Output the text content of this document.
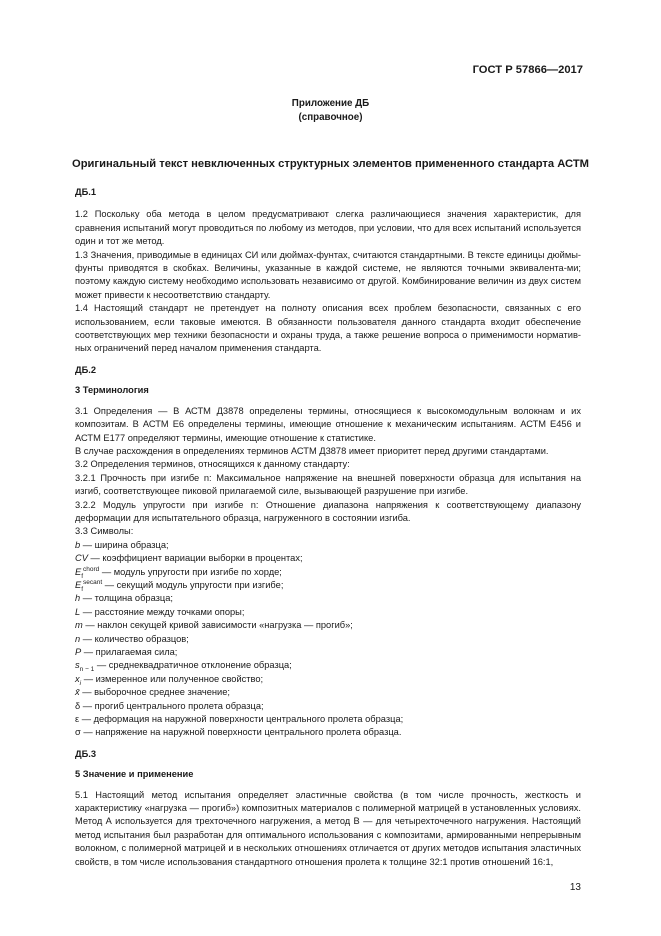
ГОСТ Р 57866—2017
Приложение ДБ
(справочное)
Оригинальный текст невключенных структурных элементов примененного стандарта АСТМ
ДБ.1

1.2 Поскольку оба метода в целом предусматривают слегка различающиеся значения характеристик, для сравнения испытаний могут проводиться по любому из методов, при условии, что для всех испытаний используется один и тот же метод.

1.3 Значения, приводимые в единицах СИ или дюймах-фунтах, считаются стандартными. В тексте единицы дюймы-фунты приводятся в скобках. Величины, указанные в каждой системе, не являются точными эквивалента-ми; поэтому каждую систему необходимо использовать независимо от другой. Комбинирование величин из двух систем может привести к несоответствию стандарту.

1.4 Настоящий стандарт не претендует на полноту описания всех проблем безопасности, связанных с его использованием, если таковые имеются. В обязанности пользователя данного стандарта входит обеспечение соответствующих мер техники безопасности и охраны труда, а также решение вопроса о применимости норматив-ных ограничений перед началом применения стандарта.

ДБ.2
3 Терминология

3.1 Определения — В АСТМ Д3878 определены термины, относящиеся к высокомодульным волокнам и их композитам. В АСТМ Е6 определены термины, имеющие отношение к механическим испытаниям. АСТМ Е456 и АСТМ Е177 определяют термины, имеющие отношение к статистике.

В случае расхождения в определениях терминов АСТМ Д3878 имеет приоритет перед другими стандартами.

3.2 Определения терминов, относящихся к данному стандарту:

3.2.1 Прочность при изгибе n: Максимальное напряжение на внешней поверхности образца для испытания на изгиб, соответствующее пиковой прилагаемой силе, вызывающей разрушение при изгибе.

3.2.2 Модуль упругости при изгибе n: Отношение диапазона напряжения к соответствующему диапазону деформации для испытательного образца, нагруженного в состоянии изгиба.

3.3 Символы:

b — ширина образца;
CV — коэффициент вариации выборки в процентах;
$E_f^{chord}$ — модуль упругости при изгибе по хорде;
$E_f^{secant}$ — секущий модуль упругости при изгибе;
h — толщина образца;
L — расстояние между точками опоры;
m — наклон секущей кривой зависимости «нагрузка — прогиб»;
n — количество образцов;
P — прилагаемая сила;
$s_{n - 1}$ — среднеквадратичное отклонение образца;
$x_i$ — измеренное или полученное свойство;
x̄ — выборочное среднее значение;
δ — прогиб центрального пролета образца;
ε — деформация на наружной поверхности центрального пролета образца;
σ — напряжение на наружной поверхности центрального пролета образца.
ДБ.3
5 Значение и применение

5.1 Настоящий метод испытания определяет эластичные свойства (в том числе прочность, жесткость и характеристику «нагрузка — прогиб») композитных материалов с полимерной матрицей в установленных условиях. Метод А используется для трехточечного нагружения, а метод В — для четырехточечного нагружения. Настоящий метод испытания был разработан для оптимального использования с композитами, армированными непрерывным волокном, с полимерной матрицей и в нескольких отношениях отличается от других методов испытания эластичных свойств, в том числе использования стандартного отношения пролета к толщине 32:1 против отношений 16:1,

13
